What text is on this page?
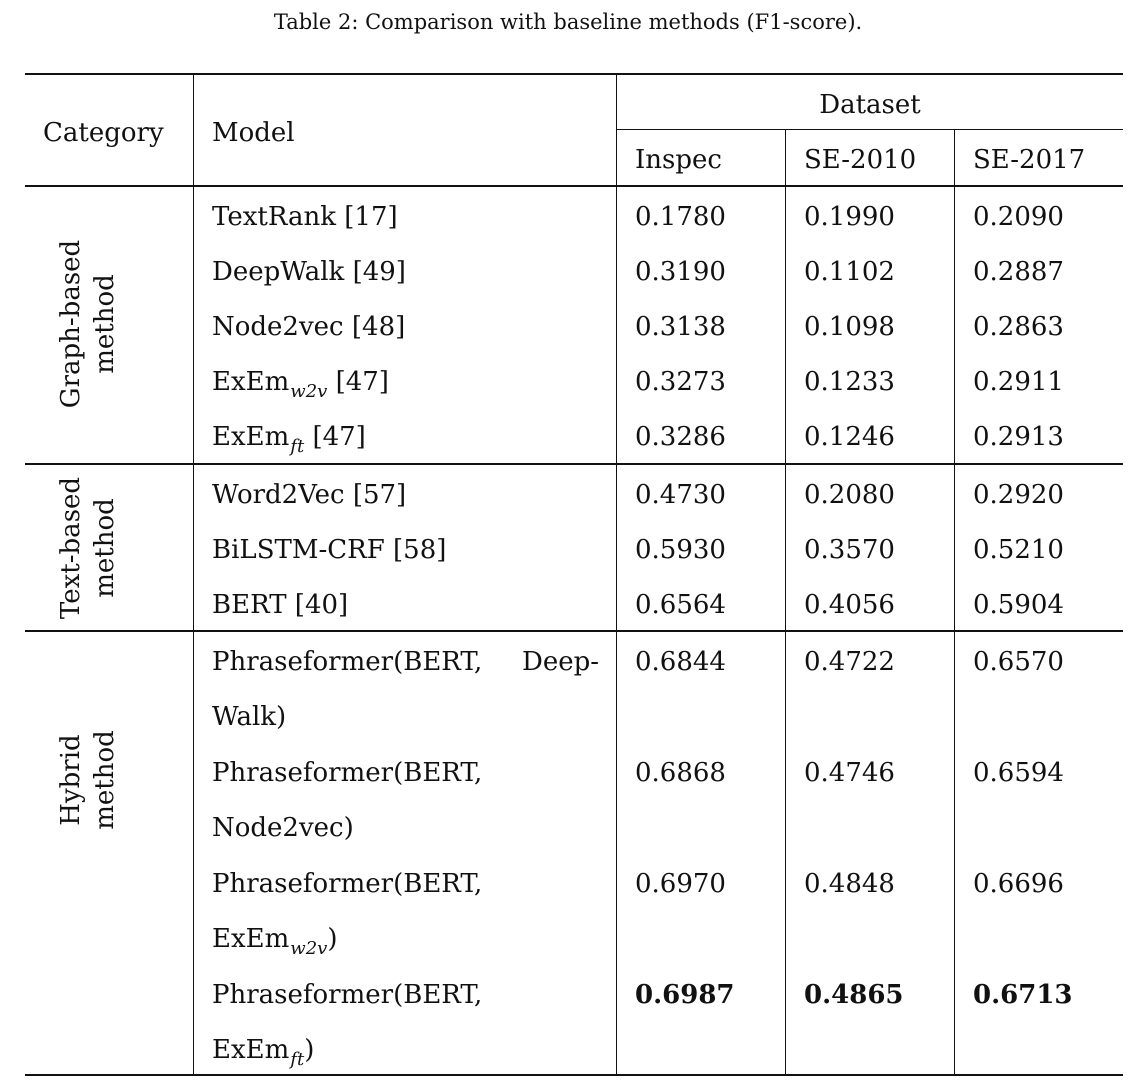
Table 2: Comparison with baseline methods (F1-score).
Category Model
Dataset
Inspec	SE-2010 SE-2017
Graph-based method
TextRank [17]	0.1780	0.1990	0.2090
DeepWalk [49]	0.3190	0.1102	0.2887
Node2vec [48]	0.3138	0.1098	0.2863
ExEm$_{w2v}$ [47]	0.3273	0.1233	0.2911
ExEm$_{ft}$ [47]	0.3286	0.1246	0.2913
Text-based method
Word2Vec [57]	0.4730	0.2080	0.2920
BiLSTM-CRF [58]	0.5930	0.3570	0.5210
BERT [40]	0.6564	0.4056	0.5904
Hybrid method
Phraseformer(BERT, Deep-
Walk)
0.6844	0.4722	0.6570
Phraseformer(BERT,
Node2vec)
0.6868	0.4746	0.6594
Phraseformer(BERT,
ExEm$_{w2v}$)
0.6970	0.4848	0.6696
Phraseformer(BERT,
ExEm$_{ft}$)
0.6987	0.4865	0.6713
